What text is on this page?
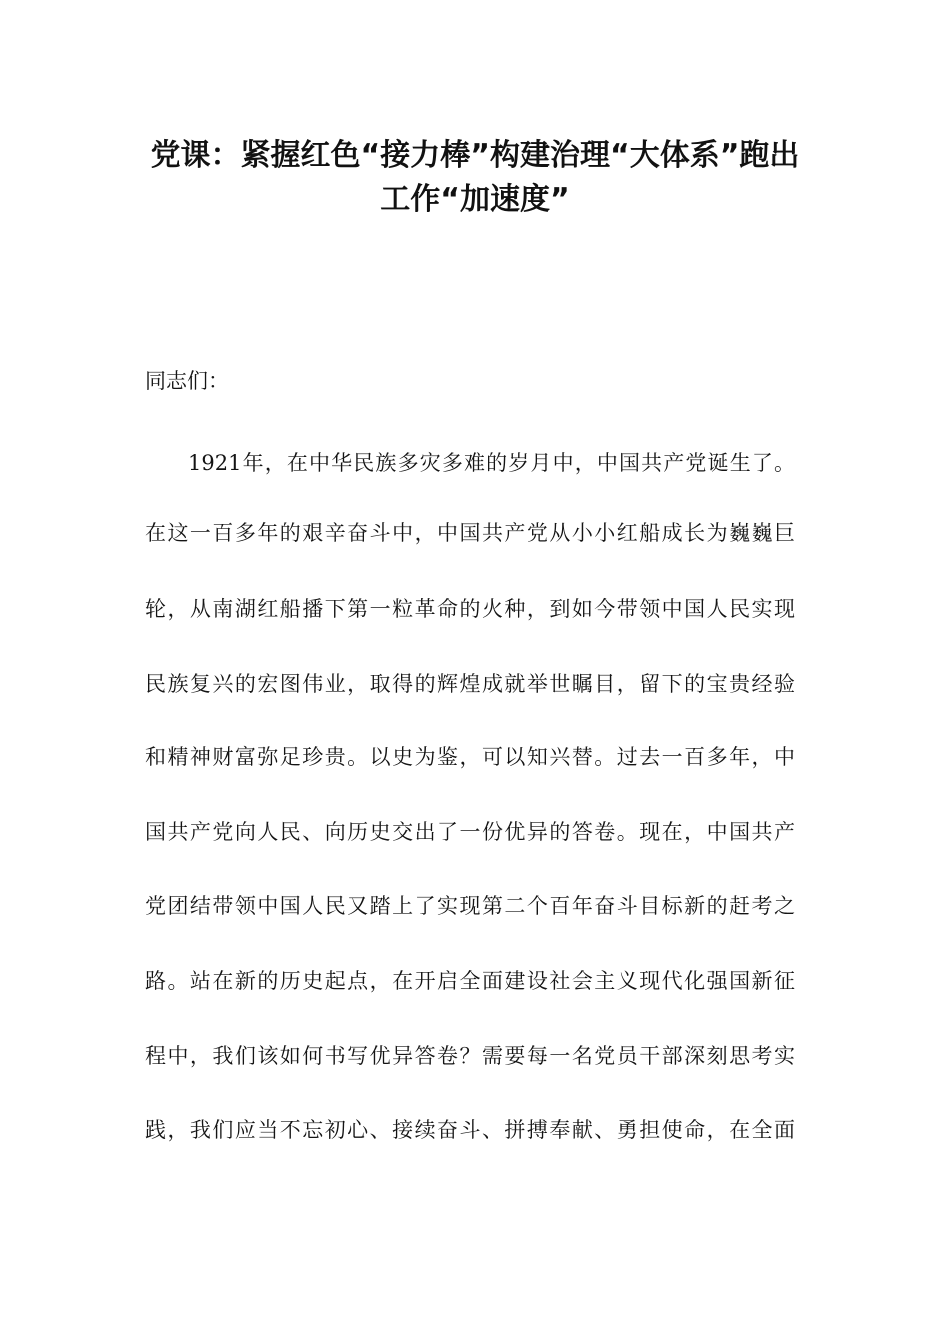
党课：紧握红色“接力棒”构建治理“大体系”跑出
工作“加速度”
同志们：
1921年，在中华民族多灾多难的岁月中，中国共产党诞生了。
在这一百多年的艰辛奋斗中，中国共产党从小小红船成长为巍巍巨
轮，从南湖红船播下第一粒革命的火种，到如今带领中国人民实现
民族复兴的宏图伟业，取得的辉煌成就举世瞩目，留下的宝贵经验
和精神财富弥足珍贵。以史为鉴，可以知兴替。过去一百多年，中
国共产党向人民、向历史交出了一份优异的答卷。现在，中国共产
党团结带领中国人民又踏上了实现第二个百年奋斗目标新的赶考之
路。站在新的历史起点，在开启全面建设社会主义现代化强国新征
程中，我们该如何书写优异答卷？需要每一名党员干部深刻思考实
践，我们应当不忘初心、接续奋斗、拼搏奉献、勇担使命，在全面
